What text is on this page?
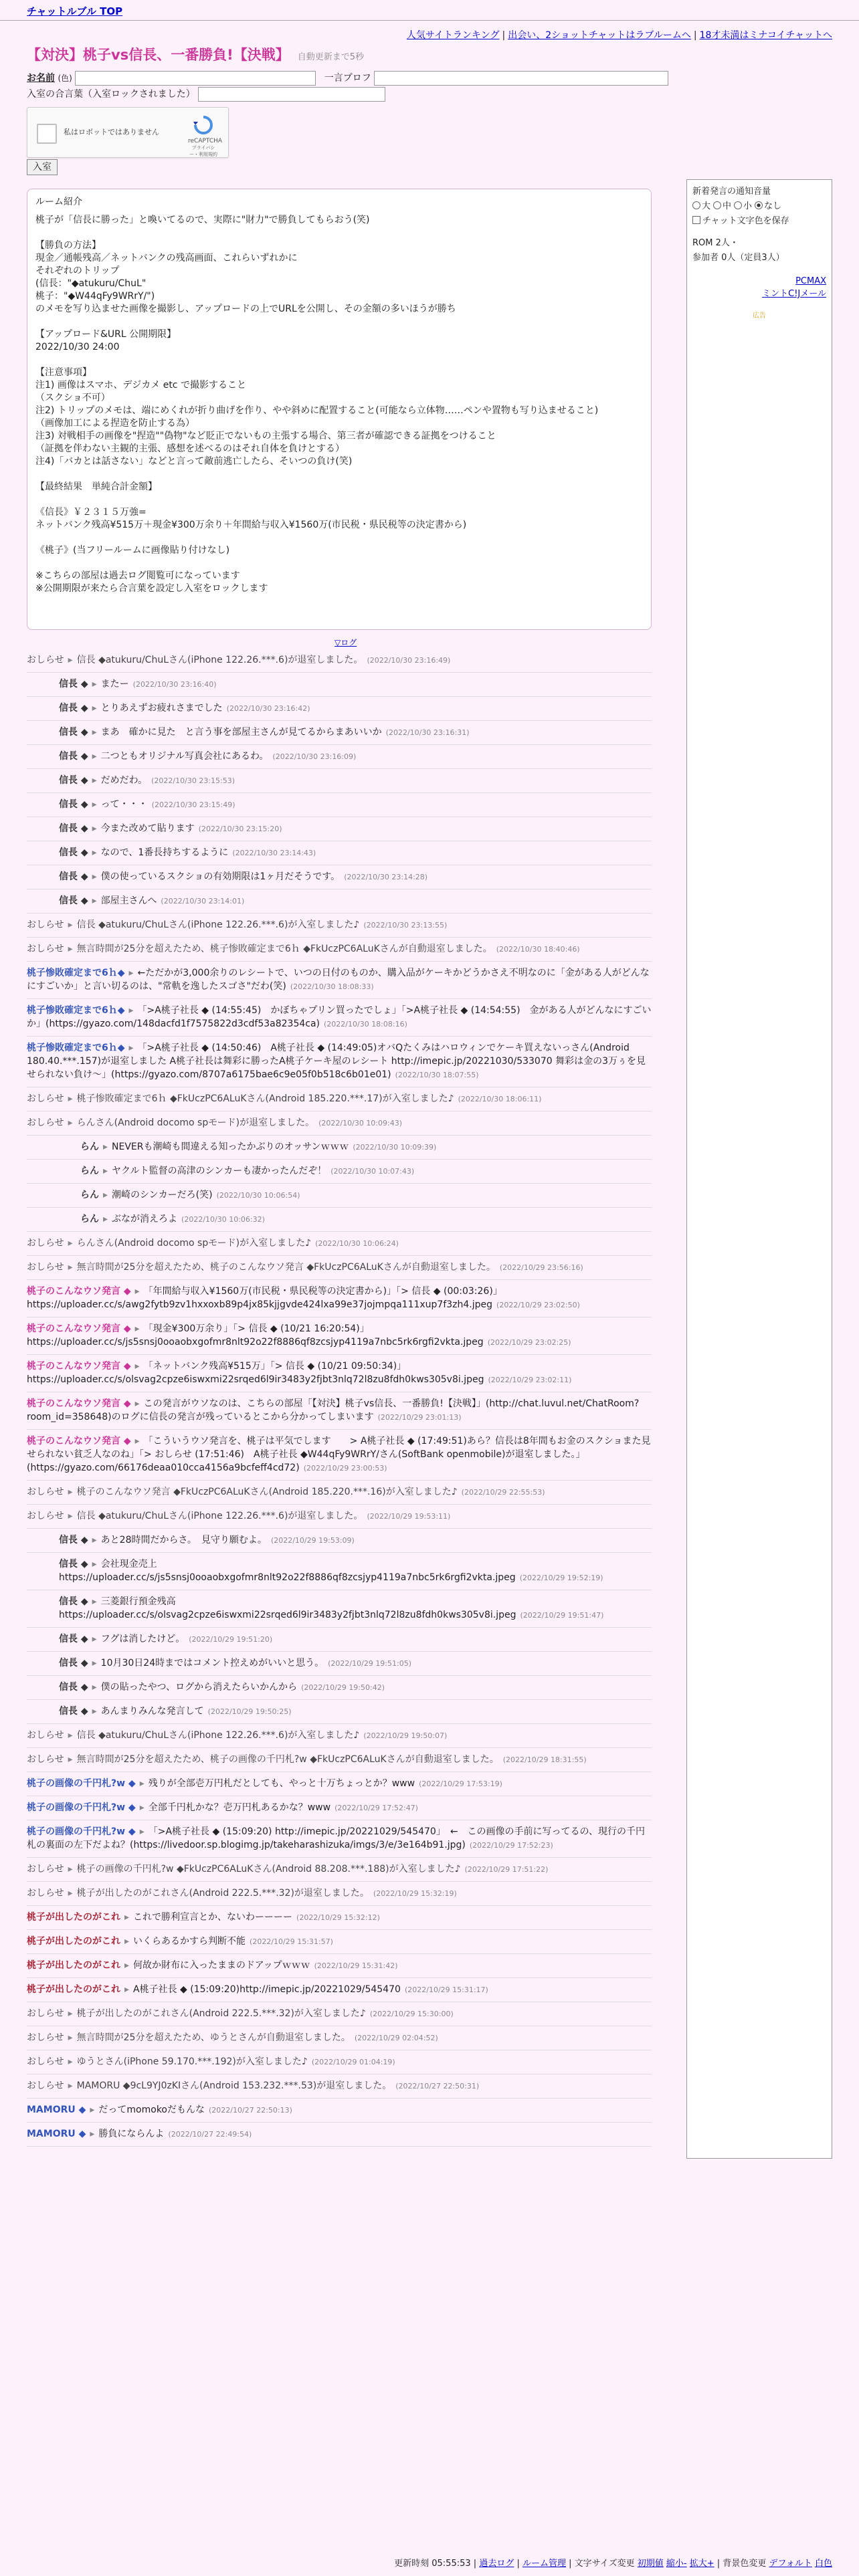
チャットルブル TOP
人気サイトランキング | 出会い、2ショットチャットはラブルームへ | 18才未満はミナコイチャットへ
【対決】桃子vs信長、一番勝負!【決戦】 自動更新まで5秒
お名前 (色)	一言プロフ
入室の合言葉（入室ロックされました）
私はロボットではありません
reCAPTCHA
プライバシー・利用規約
入室
ルーム紹介
桃子が「信長に勝った」と喚いてるので、実際に"財力"で勝負してもらおう(笑)
【勝負の方法】
現金／通帳残高／ネットバンクの残高画面、これらいずれかに
それぞれのトリップ
(信長："◆atukuru/ChuL"
桃子："◆W44qFy9WRrY/")
のメモを写り込ませた画像を撮影し、アップロードの上でURLを公開し、その金額の多いほうが勝ち
【アップロード&URL 公開期限】
2022/10/30 24:00
【注意事項】
注1) 画像はスマホ、デジカメ etc で撮影すること
（スクショ不可）
注2) トリップのメモは、端にめくれが折り曲げを作り、やや斜めに配置すること(可能なら立体物……ペンや置物も写り込ませること)
（画像加工による捏造を防止する為）
注3) 対戦相手の画像を"捏造""偽物"など貶正でないもの主張する場合、第三者が確認できる証拠をつけること
（証拠を伴わない主観的主張、感想を述べるのはそれ自体を負けとする）
注4)「バカとは話さない」などと言って敵前逃亡したら、そいつの負け(笑)
【最終結果　単純合計金額】
《信長》￥２３１５万強=
ネットバンク残高¥515万＋現金¥300万余り＋年間給与収入¥1560万(市民税・県民税等の決定書から)
《桃子》(当フリールームに画像貼り付けなし)
※こちらの部屋は過去ログ閲覧可になっています
※公開期限が来たら合言葉を設定し入室をロックします
新着発言の通知音量
大 中 小 なし
チャット文字色を保存
ROM 2人・
参加者 0人（定員3人）
PCMAX
ミントC!Jメール
広告
▽ログ
おしらせ ▸ 信長 ◆atukuru/ChuLさん(iPhone 122.26.***.6)が退室しました。 (2022/10/30 23:16:49)
信長 ◆ ▸ またー (2022/10/30 23:16:40)
信長 ◆ ▸ とりあえずお疲れさまでした (2022/10/30 23:16:42)
信長 ◆ ▸ まあ　確かに見た　と言う事を部屋主さんが見てるからまあいいか (2022/10/30 23:16:31)
信長 ◆ ▸ 二つともオリジナル写真会社にあるわ。 (2022/10/30 23:16:09)
信長 ◆ ▸ だめだわ。 (2022/10/30 23:15:53)
信長 ◆ ▸ って・・・ (2022/10/30 23:15:49)
信長 ◆ ▸ 今また改めて貼ります (2022/10/30 23:15:20)
信長 ◆ ▸ なので、1番長持ちするように (2022/10/30 23:14:43)
信長 ◆ ▸ 僕の使っているスクショの有効期限は1ヶ月だそうです。 (2022/10/30 23:14:28)
信長 ◆ ▸ 部屋主さんへ (2022/10/30 23:14:01)
おしらせ ▸ 信長 ◆atukuru/ChuLさん(iPhone 122.26.***.6)が入室しました♪ (2022/10/30 23:13:55)
おしらせ ▸ 無言時間が25分を超えたため、桃子惨敗確定まで6ｈ ◆FkUczPC6ALuKさんが自動退室しました。 (2022/10/30 18:40:46)
桃子惨敗確定まで6ｈ◆ ▸ ←ただかが3,000余りのレシートで、いつの日付のものか、購入品がケーキかどうかさえ不明なのに「金がある人がどんなにすごいか」と言い切るのは、"常軌を逸したスゴさ"だわ(笑) (2022/10/30 18:08:33)
桃子惨敗確定まで6ｈ◆ ▸ 「>A桃子社長 ◆ (14:55:45)　かぼちゃプリン買ったでしょ」「>A桃子社長 ◆ (14:54:55)　金がある人がどんなにすごいか」(https://gyazo.com/148dacfd1f7575822d3cdf53a82354ca) (2022/10/30 18:08:16)
桃子惨敗確定まで6ｈ◆ ▸ 「>A桃子社長 ◆ (14:50:46)　A桃子社長 ◆ (14:49:05)オバQたくみはハロウィンでケーキ買えないっさん(Android 180.40.***.157)が退室しました A桃子社長は舞彩に勝ったA桃子ケーキ屋のレシート http://imepic.jp/20221030/533070 舞彩は金の3万ぅを見せられない負け〜」(https://gyazo.com/8707a6175bae6c9e05f0b518c6b01e01) (2022/10/30 18:07:55)
おしらせ ▸ 桃子惨敗確定まで6ｈ ◆FkUczPC6ALuKさん(Android 185.220.***.17)が入室しました♪ (2022/10/30 18:06:11)
おしらせ ▸ らんさん(Android docomo spモード)が退室しました。 (2022/10/30 10:09:43)
らん ▸ NEVERも潮崎も間違える知ったかぶりのオッサンｗｗｗ (2022/10/30 10:09:39)
らん ▸ ヤクルト監督の高津のシンカーも凄かったんだぞ！ (2022/10/30 10:07:43)
らん ▸ 潮崎のシンカーだろ(笑) (2022/10/30 10:06:54)
らん ▸ ぶなが消えろよ (2022/10/30 10:06:32)
おしらせ ▸ らんさん(Android docomo spモード)が入室しました♪ (2022/10/30 10:06:24)
おしらせ ▸ 無言時間が25分を超えたため、桃子のこんなウソ発言 ◆FkUczPC6ALuKさんが自動退室しました。 (2022/10/29 23:56:16)
桃子のこんなウソ発言 ◆ ▸ 「年間給与収入¥1560万(市民税・県民税等の決定書から)」「> 信長 ◆ (00:03:26)」https://uploader.cc/s/awg2fytb9zv1hxxoxb89p4jx85kjjgvde424lxa99e37jojmpqa111xup7f3zh4.jpeg (2022/10/29 23:02:50)
桃子のこんなウソ発言 ◆ ▸ 「現金¥300万余り」「> 信長 ◆ (10/21 16:20:54)」https://uploader.cc/s/js5snsj0ooaobxgofmr8nlt92o22f8886qf8zcsjyp4119a7nbc5rk6rgfi2vkta.jpeg (2022/10/29 23:02:25)
桃子のこんなウソ発言 ◆ ▸ 「ネットバンク残高¥515万」「> 信長 ◆ (10/21 09:50:34)」https://uploader.cc/s/olsvag2cpze6iswxmi22srqed6l9ir3483y2fjbt3nlq72l8zu8fdh0kws305v8i.jpeg (2022/10/29 23:02:11)
桃子のこんなウソ発言 ◆ ▸ この発言がウソなのは、こちらの部屋「【対決】桃子vs信長、一番勝負!【決戦】」(http://chat.luvul.net/ChatRoom?room_id=358648)のログに信長の発言が残っているとこから分かってしまいます (2022/10/29 23:01:13)
桃子のこんなウソ発言 ◆ ▸ 「こういうウソ発言を、桃子は平気でします　　> A桃子社長 ◆ (17:49:51)あら？信長は8年間もお金のスクショまた見せられない貧乏人なのね」「> おしらせ (17:51:46)　A桃子社長 ◆W44qFy9WRrY/さん(SoftBank openmobile)が退室しました。」(https://gyazo.com/66176deaa010cca4156a9bcfeff4cd72) (2022/10/29 23:00:53)
おしらせ ▸ 桃子のこんなウソ発言 ◆FkUczPC6ALuKさん(Android 185.220.***.16)が入室しました♪ (2022/10/29 22:55:53)
おしらせ ▸ 信長 ◆atukuru/ChuLさん(iPhone 122.26.***.6)が退室しました。 (2022/10/29 19:53:11)
信長 ◆ ▸ あと28時間だからさ。　見守り願むよ。 (2022/10/29 19:53:09)
信長 ◆ ▸ 会社現金売上　https://uploader.cc/s/js5snsj0ooaobxgofmr8nlt92o22f8886qf8zcsjyp4119a7nbc5rk6rgfi2vkta.jpeg (2022/10/29 19:52:19)
信長 ◆ ▸ 三菱銀行預金残高　https://uploader.cc/s/olsvag2cpze6iswxmi22srqed6l9ir3483y2fjbt3nlq72l8zu8fdh0kws305v8i.jpeg (2022/10/29 19:51:47)
信長 ◆ ▸ フグは消したけど。 (2022/10/29 19:51:20)
信長 ◆ ▸ 10月30日24時まではコメント控えめがいいと思う。 (2022/10/29 19:51:05)
信長 ◆ ▸ 僕の貼ったやつ、ログから消えたらいかんから (2022/10/29 19:50:42)
信長 ◆ ▸ あんまりみんな発言して (2022/10/29 19:50:25)
おしらせ ▸ 信長 ◆atukuru/ChuLさん(iPhone 122.26.***.6)が入室しました♪ (2022/10/29 19:50:07)
おしらせ ▸ 無言時間が25分を超えたため、桃子の画像の千円札?w ◆FkUczPC6ALuKさんが自動退室しました。 (2022/10/29 18:31:55)
桃子の画像の千円札?w ◆ ▸ 残りが全部壱万円札だとしても、やっと十万ちょっとか？www (2022/10/29 17:53:19)
桃子の画像の千円札?w ◆ ▸ 全部千円札かな？壱万円札あるかな？www (2022/10/29 17:52:47)
桃子の画像の千円札?w ◆ ▸ 「>A桃子社長 ◆ (15:09:20) http://imepic.jp/20221029/545470」　←　この画像の手前に写ってるの、現行の千円札の裏面の左下だよね？(https://livedoor.sp.blogimg.jp/takeharashizuka/imgs/3/e/3e164b91.jpg) (2022/10/29 17:52:23)
おしらせ ▸ 桃子の画像の千円札?w ◆FkUczPC6ALuKさん(Android 88.208.***.188)が入室しました♪ (2022/10/29 17:51:22)
おしらせ ▸ 桃子が出したのがこれさん(Android 222.5.***.32)が退室しました。 (2022/10/29 15:32:19)
桃子が出したのがこれ ▸ これで勝利宣言とか、ないわーーーー (2022/10/29 15:32:12)
桃子が出したのがこれ ▸ いくらあるかすら判断不能 (2022/10/29 15:31:57)
桃子が出したのがこれ ▸ 何故か財布に入ったままのドアップｗｗｗ (2022/10/29 15:31:42)
桃子が出したのがこれ ▸ A桃子社長 ◆ (15:09:20)http://imepic.jp/20221029/545470 (2022/10/29 15:31:17)
おしらせ ▸ 桃子が出したのがこれさん(Android 222.5.***.32)が入室しました♪ (2022/10/29 15:30:00)
おしらせ ▸ 無言時間が25分を超えたため、ゆうとさんが自動退室しました。 (2022/10/29 02:04:52)
おしらせ ▸ ゆうとさん(iPhone 59.170.***.192)が入室しました♪ (2022/10/29 01:04:19)
おしらせ ▸ MAMORU ◆9cL9YJ0zKIさん(Android 153.232.***.53)が退室しました。 (2022/10/27 22:50:31)
MAMORU ◆ ▸ だってmomokoだもんな (2022/10/27 22:50:13)
MAMORU ◆ ▸ 勝負にならんよ (2022/10/27 22:49:54)
更新時刻 05:55:53 | 過去ログ | ルーム管理 | 文字サイズ変更 初期値 縮小- 拡大+ | 背景色変更 デフォルト 白色
